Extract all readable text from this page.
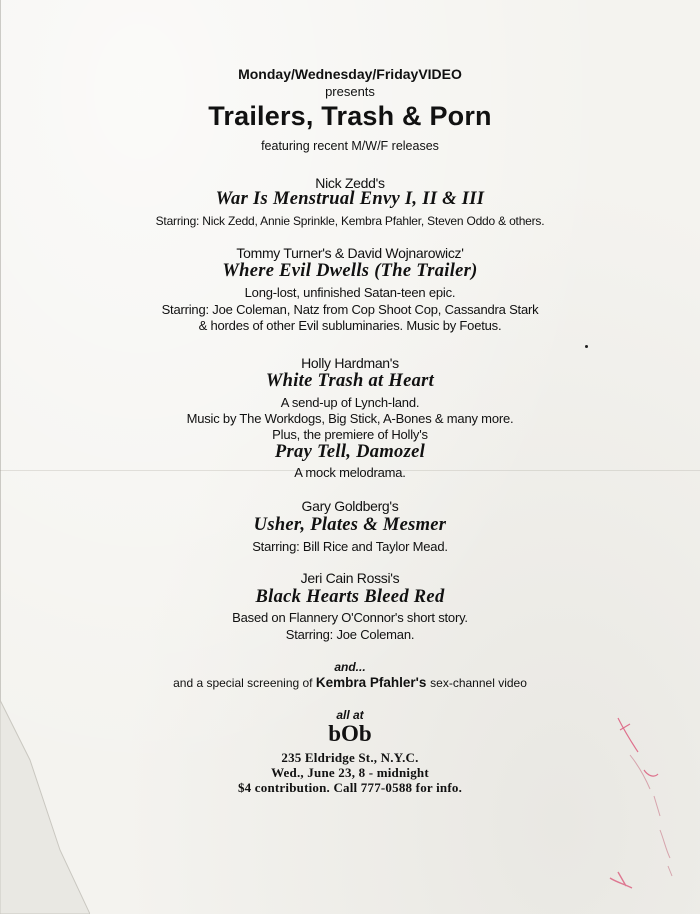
Monday/Wednesday/FridayVIDEO
presents
Trailers, Trash & Porn
featuring recent M/W/F releases
Nick Zedd's
War Is Menstrual Envy I, II & III
Starring: Nick Zedd, Annie Sprinkle, Kembra Pfahler, Steven Oddo & others.
Tommy Turner's & David Wojnarowicz'
Where Evil Dwells (The Trailer)
Long-lost, unfinished Satan-teen epic.
Starring: Joe Coleman, Natz from Cop Shoot Cop, Cassandra Stark
& hordes of other Evil subluminaries. Music by Foetus.
Holly Hardman's
White Trash at Heart
A send-up of Lynch-land.
Music by The Workdogs, Big Stick, A-Bones & many more.
Plus, the premiere of Holly's
Pray Tell, Damozel
A mock melodrama.
Gary Goldberg's
Usher, Plates & Mesmer
Starring: Bill Rice and Taylor Mead.
Jeri Cain Rossi's
Black Hearts Bleed Red
Based on Flannery O'Connor's short story.
Starring: Joe Coleman.
and...
and a special screening of Kembra Pfahler's sex-channel video
all at
bOb
235 Eldridge St., N.Y.C.
Wed., June 23, 8 - midnight
$4 contribution. Call 777-0588 for info.
